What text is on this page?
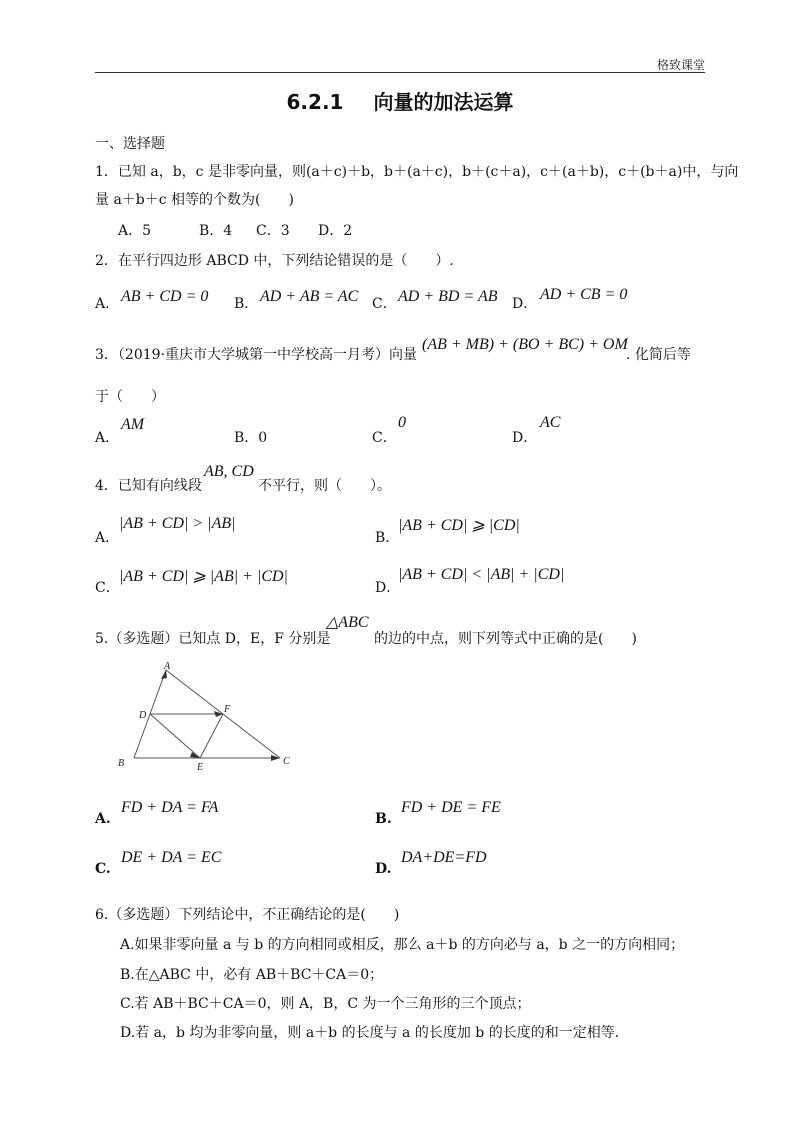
格致课堂
6.2.1 向量的加法运算
一、选择题
1．已知 a，b，c 是非零向量，则(a＋c)＋b，b＋(a＋c)，b＋(c＋a)，c＋(a＋b)，c＋(b＋a)中，与向
量 a＋b＋c 相等的个数为(　　)
A．5	B．4 C．3 D．2
2．在平行四边形 ABCD 中，下列结论错误的是（　　）.
A． AB + CD = 0 B． AD + AB = AC C． AD + BD = AB D．
AD + CB = 0
3．（2019·重庆市大学城第一中学校高一月考）向量
(AB + MB) + (BO + BC) + OM
. 化简后等
于（　　）
A．
AM
B．0	C．
0
D．
AC
4．已知有向线段
AB, CD
不平行，则（　　）。
A．
|AB + CD| > |AB|
B．
|AB + CD| ⩾ |CD|
C．
|AB + CD| ⩾ |AB| + |CD|
D．
|AB + CD| < |AB| + |CD|
5.（多选题）已知点 D，E，F 分别是
△ABC
的边的中点，则下列等式中正确的是(　　)
A
D
F
B	E
C
A.
FD + DA = FA
B.
FD + DE = FE
C.
DE + DA = EC
D.
DA+DE=FD
6.（多选题）下列结论中，不正确结论的是(　　)
A.如果非零向量 a 与 b 的方向相同或相反，那么 a＋b 的方向必与 a，b 之一的方向相同；
B.在△ABC 中，必有 AB＋BC＋CA＝0；
C.若 AB＋BC＋CA＝0，则 A，B，C 为一个三角形的三个顶点；
D.若 a，b 均为非零向量，则 a＋b 的长度与 a 的长度加 b 的长度的和一定相等.
